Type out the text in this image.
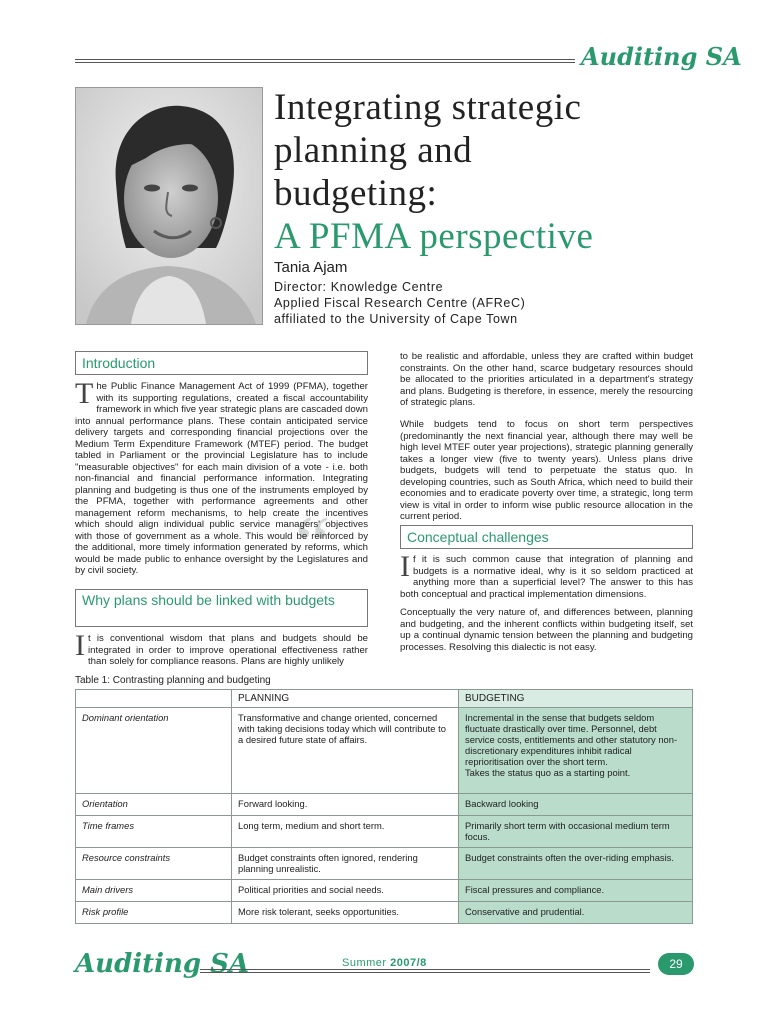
Auditing SA
Integrating strategic
planning and
budgeting:
A PFMA perspective
Tania Ajam
Director: Knowledge Centre
Applied Fiscal Research Centre (AFReC)
affiliated to the University of Cape Town
Introduction
“
The Public Finance Management Act of 1999 (PFMA), together with its supporting regulations, created a fiscal accountability framework in which five year strategic plans are cascaded down into annual performance plans. These contain anticipated service delivery targets and corresponding financial projections over the Medium Term Expenditure Framework (MTEF) period. The budget tabled in Parliament or the provincial Legislature has to include "measurable objectives" for each main division of a vote - i.e. both non-financial and financial performance information. Integrating planning and budgeting is thus one of the instruments employed by the PFMA, together with performance agreements and other management reform mechanisms, to help create the incentives which should align individual public service managers' objectives with those of government as a whole. This would be reinforced by the additional, more timely information generated by reforms, which would be made public to enhance oversight by the Legislatures and by civil society.
Why plans should be linked with budgets
It is conventional wisdom that plans and budgets should be integrated in order to improve operational effectiveness rather than solely for compliance reasons. Plans are highly unlikely
to be realistic and affordable, unless they are crafted within budget constraints. On the other hand, scarce budgetary resources should be allocated to the priorities articulated in a department's strategy and plans. Budgeting is therefore, in essence, merely the resourcing of strategic plans.
While budgets tend to focus on short term perspectives (predominantly the next financial year, although there may well be high level MTEF outer year projections), strategic planning generally takes a longer view (five to twenty years). Unless plans drive budgets, budgets will tend to perpetuate the status quo. In developing countries, such as South Africa, which need to build their economies and to eradicate poverty over time, a strategic, long term view is vital in order to inform wise public resource allocation in the current period.
Conceptual challenges
If it is such common cause that integration of planning and budgets is a normative ideal, why is it so seldom practiced at anything more than a superficial level? The answer to this has both conceptual and practical implementation dimensions.
Conceptually the very nature of, and differences between, planning and budgeting, and the inherent conflicts within budgeting itself, set up a continual dynamic tension between the planning and budgeting processes. Resolving this dialectic is not easy.
Table 1: Contrasting planning and budgeting
	PLANNING	BUDGETING
Dominant orientation	Transformative and change oriented, concerned with taking decisions today which will contribute to a desired future state of affairs.	Incremental in the sense that budgets seldom fluctuate drastically over time. Personnel, debt service costs, entitlements and other statutory non-discretionary expenditures inhibit radical reprioritisation over the short term.
Takes the status quo as a starting point.
Orientation	Forward looking.	Backward looking
Time frames	Long term, medium and short term.	Primarily short term with occasional medium term focus.
Resource constraints	Budget constraints often ignored, rendering planning unrealistic.	Budget constraints often the over-riding emphasis.
Main drivers	Political priorities and social needs.	Fiscal pressures and compliance.
Risk profile	More risk tolerant, seeks opportunities.	Conservative and prudential.
Auditing SA	Summer 2007/8	29
